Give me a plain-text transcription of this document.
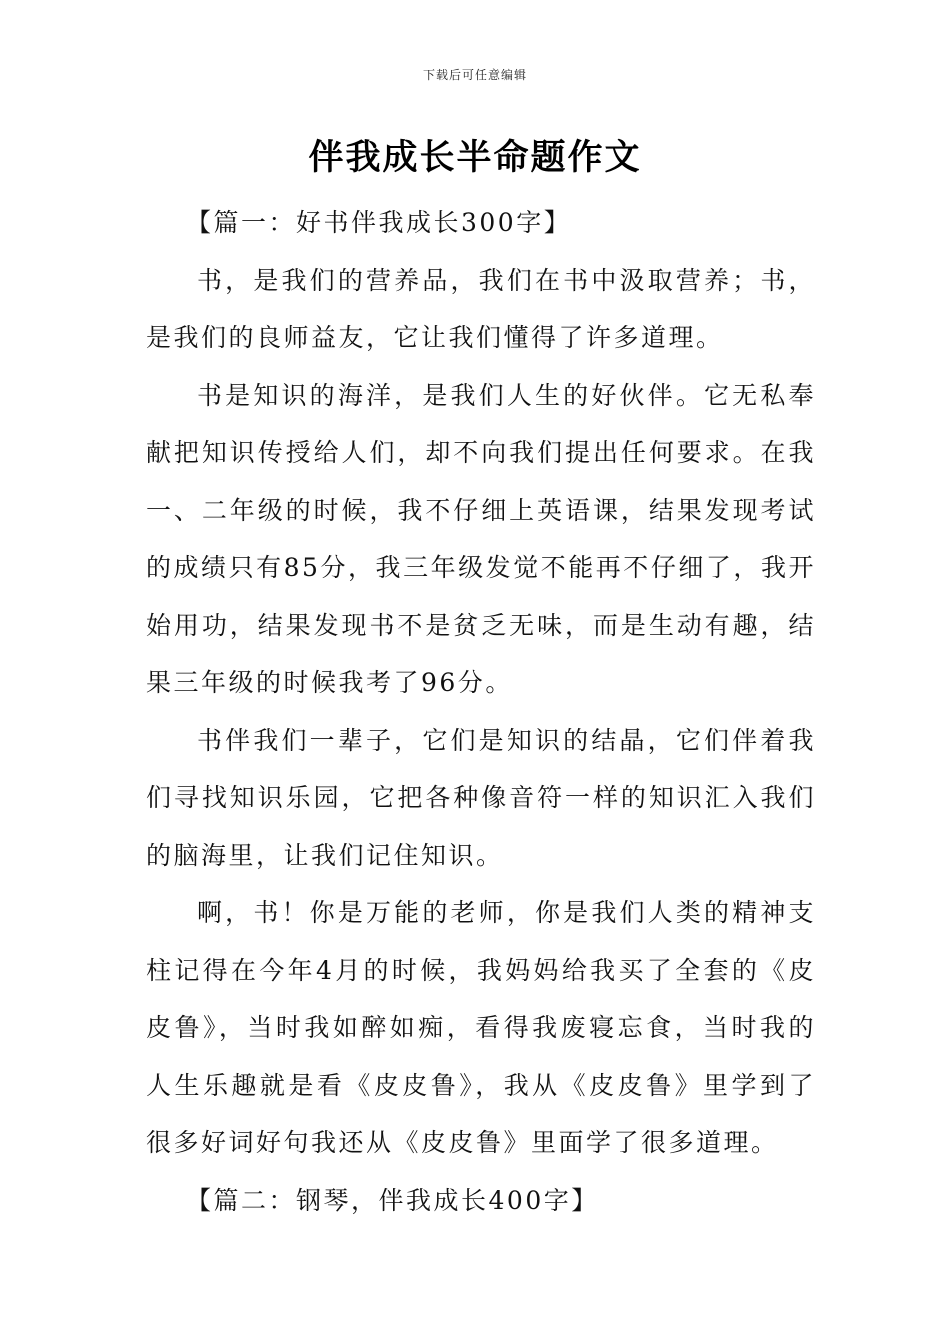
下载后可任意编辑
伴我成长半命题作文

【篇一：好书伴我成长300字】

书，是我们的营养品，我们在书中汲取营养；书，是我们的良师益友，它让我们懂得了许多道理。

书是知识的海洋，是我们人生的好伙伴。它无私奉献把知识传授给人们，却不向我们提出任何要求。在我一、二年级的时候，我不仔细上英语课，结果发现考试的成绩只有85分，我三年级发觉不能再不仔细了，我开始用功，结果发现书不是贫乏无味，而是生动有趣，结果三年级的时候我考了96分。

书伴我们一辈子，它们是知识的结晶，它们伴着我们寻找知识乐园，它把各种像音符一样的知识汇入我们的脑海里，让我们记住知识。

啊，书！你是万能的老师，你是我们人类的精神支柱记得在今年4月的时候，我妈妈给我买了全套的《皮皮鲁》，当时我如醉如痴，看得我废寝忘食，当时我的人生乐趣就是看《皮皮鲁》，我从《皮皮鲁》里学到了很多好词好句我还从《皮皮鲁》里面学了很多道理。

【篇二：钢琴，伴我成长400字】
